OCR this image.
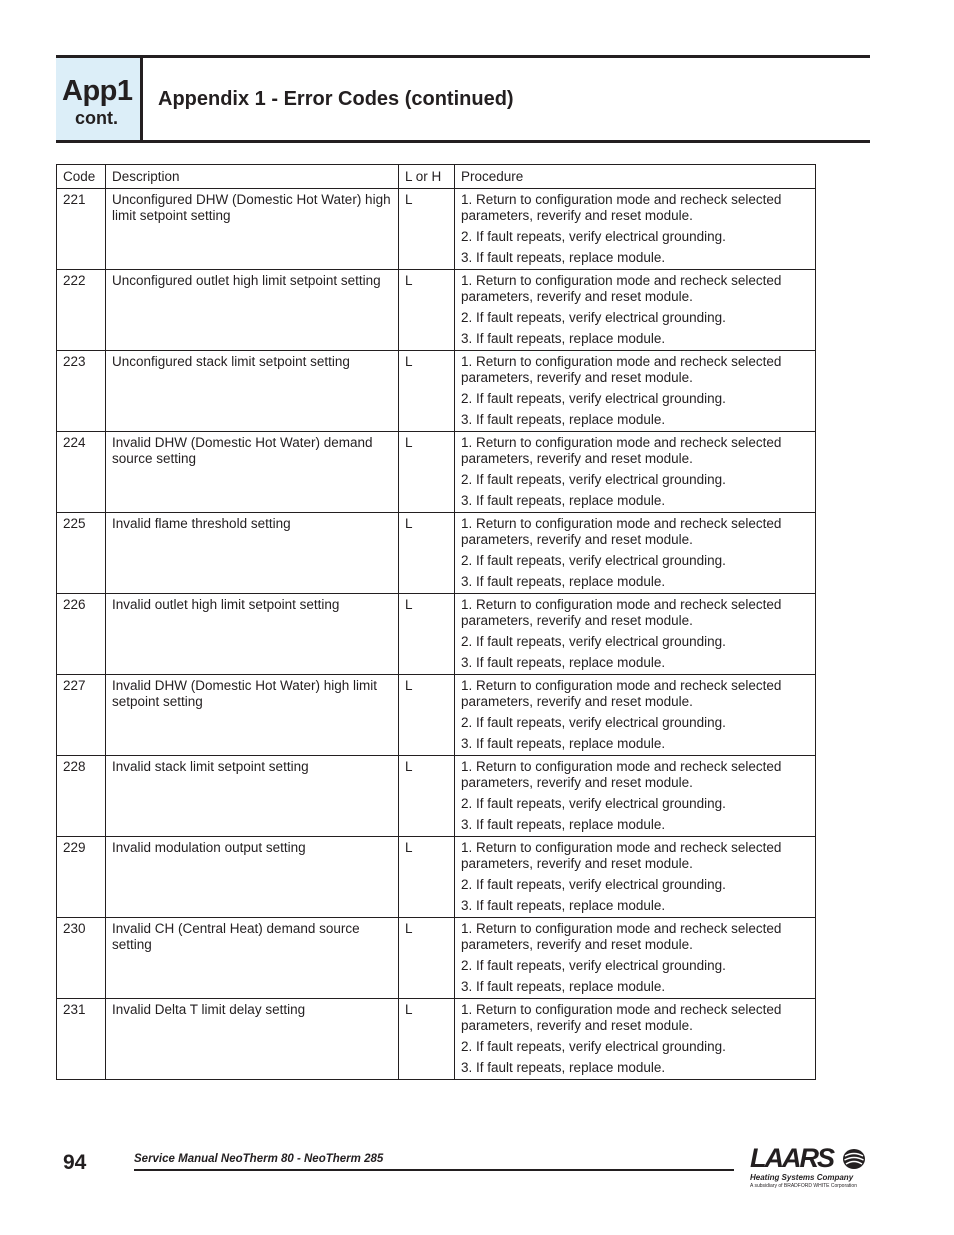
App1
cont.
Appendix 1 - Error Codes (continued)
Code	Description	L or H	Procedure
221	Unconfigured DHW (Domestic Hot Water) high limit setpoint setting	L	1. Return to configuration mode and recheck selected parameters, reverify and reset module.
2. If fault repeats, verify electrical grounding.
3. If fault repeats, replace module.

222	Unconfigured outlet high limit setpoint setting	L	1. Return to configuration mode and recheck selected parameters, reverify and reset module.
2. If fault repeats, verify electrical grounding.
3. If fault repeats, replace module.

223	Unconfigured stack limit setpoint setting	L	1. Return to configuration mode and recheck selected parameters, reverify and reset module.
2. If fault repeats, verify electrical grounding.
3. If fault repeats, replace module.

224	Invalid DHW (Domestic Hot Water) demand source setting	L	1. Return to configuration mode and recheck selected parameters, reverify and reset module.
2. If fault repeats, verify electrical grounding.
3. If fault repeats, replace module.

225	Invalid flame threshold setting	L	1. Return to configuration mode and recheck selected parameters, reverify and reset module.
2. If fault repeats, verify electrical grounding.
3. If fault repeats, replace module.

226	Invalid outlet high limit setpoint setting	L	1. Return to configuration mode and recheck selected parameters, reverify and reset module.
2. If fault repeats, verify electrical grounding.
3. If fault repeats, replace module.

227	Invalid DHW (Domestic Hot Water) high limit setpoint setting	L	1. Return to configuration mode and recheck selected parameters, reverify and reset module.
2. If fault repeats, verify electrical grounding.
3. If fault repeats, replace module.

228	Invalid stack limit setpoint setting	L	1. Return to configuration mode and recheck selected parameters, reverify and reset module.
2. If fault repeats, verify electrical grounding.
3. If fault repeats, replace module.

229	Invalid modulation output setting	L	1. Return to configuration mode and recheck selected parameters, reverify and reset module.
2. If fault repeats, verify electrical grounding.
3. If fault repeats, replace module.

230	Invalid CH (Central Heat) demand source setting	L	1. Return to configuration mode and recheck selected parameters, reverify and reset module.
2. If fault repeats, verify electrical grounding.
3. If fault repeats, replace module.

231	Invalid Delta T limit delay setting	L	1. Return to configuration mode and recheck selected parameters, reverify and reset module.
2. If fault repeats, verify electrical grounding.
3. If fault repeats, replace module.
94	Service Manual NeoTherm 80 - NeoTherm 285	LAARS
Heating Systems Company
A subsidiary of BRADFORD WHITE Corporation
